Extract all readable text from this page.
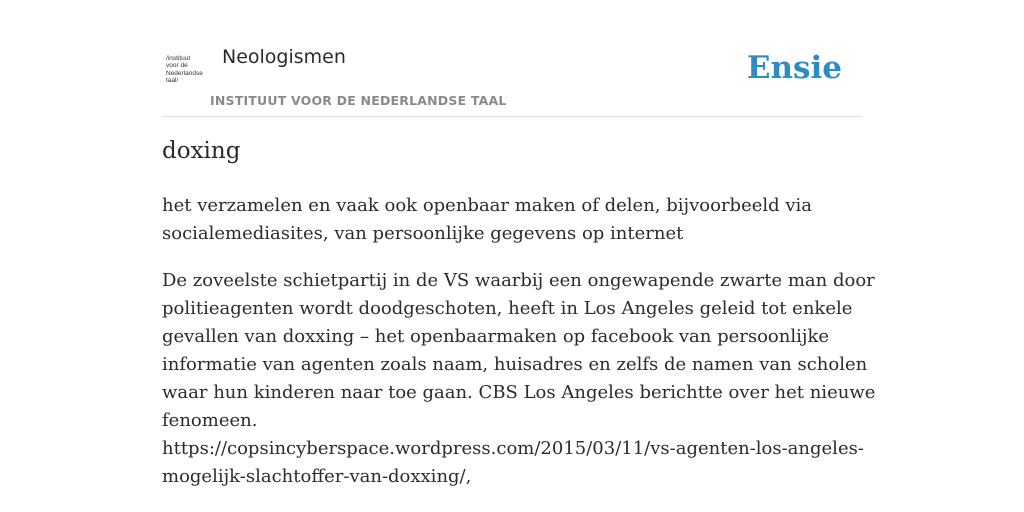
/instituut
voor de
Nederlandse
taal/
Neologismen
INSTITUUT VOOR DE NEDERLANDSE TAAL
Ensie
doxing

het verzamelen en vaak ook openbaar maken of delen, bijvoorbeeld via
socialemediasites, van persoonlijke gegevens op internet

De zoveelste schietpartij in de VS waarbij een ongewapende zwarte man door
politieagenten wordt doodgeschoten, heeft in Los Angeles geleid tot enkele
gevallen van doxxing – het openbaarmaken op facebook van persoonlijke
informatie van agenten zoals naam, huisadres en zelfs de namen van scholen
waar hun kinderen naar toe gaan. CBS Los Angeles berichtte over het nieuwe
fenomeen.
https://copsincyberspace.wordpress.com/2015/03/11/vs-agenten-los-angeles-
mogelijk-slachtoffer-van-doxxing/,
